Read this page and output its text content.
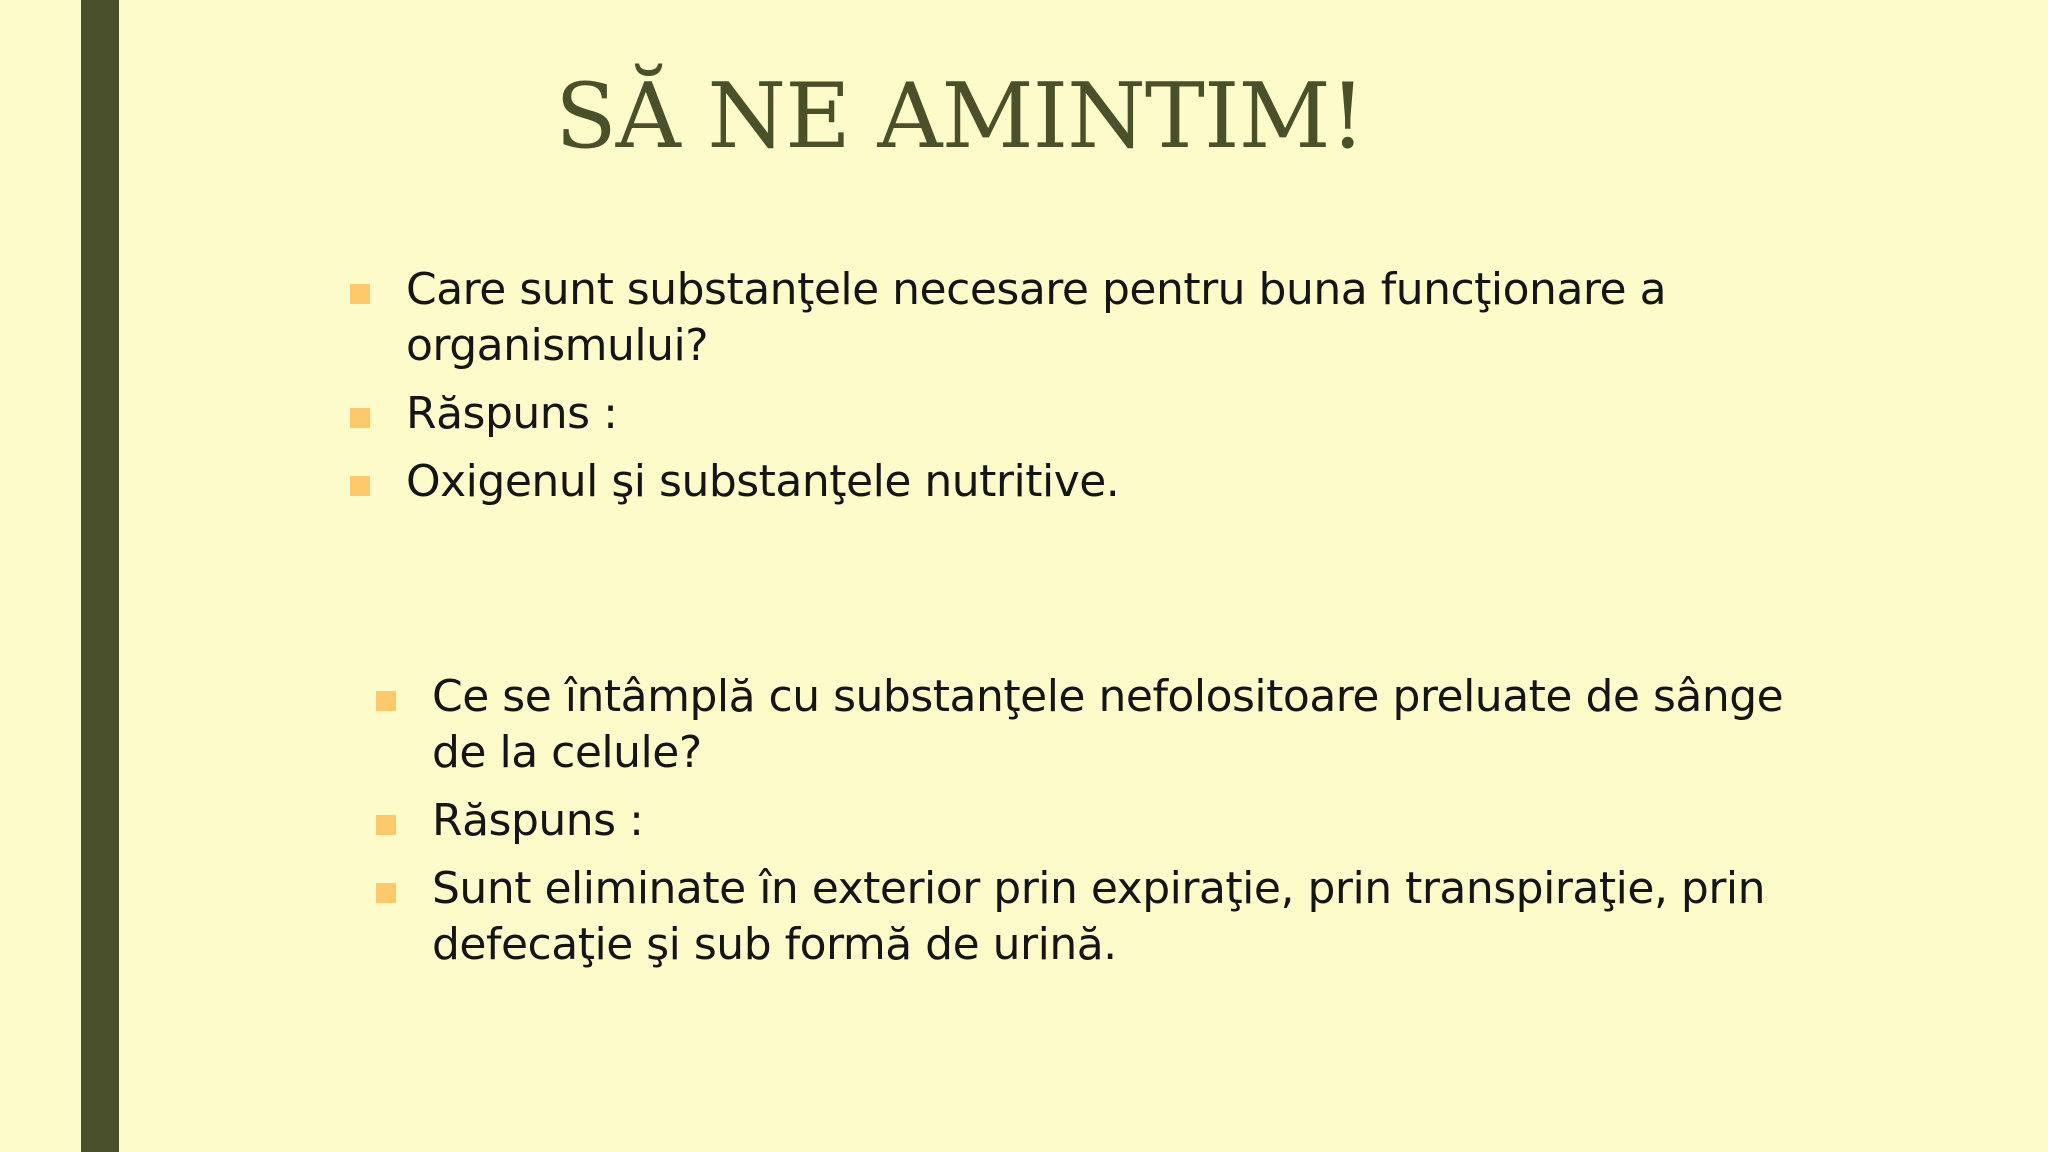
SĂ NE AMINTIM!
Care sunt substanţele necesare pentru buna funcţionare a organismului?
Răspuns :
Oxigenul şi substanţele nutritive.
Ce se întâmplă cu substanţele nefolositoare preluate de sânge de la celule?
Răspuns :
Sunt eliminate în exterior prin expiraţie, prin transpiraţie, prin defecaţie şi sub formă de urină.
